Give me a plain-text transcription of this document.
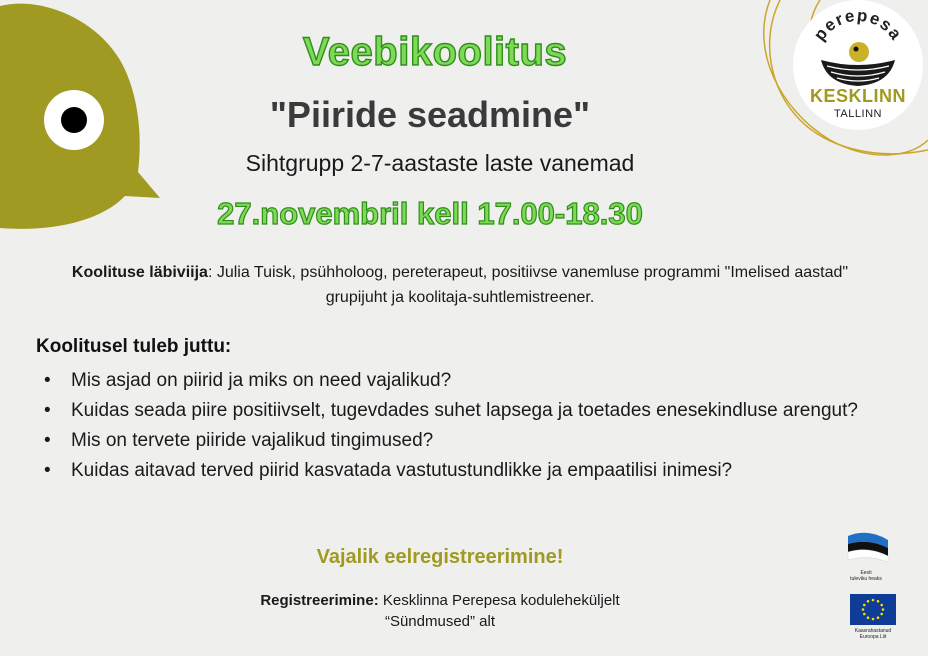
Veebikoolitus
"Piiride seadmine"
Sihtgrupp 2-7-aastaste laste vanemad
27.novembril kell 17.00-18.30
Koolituse läbiviija: Julia Tuisk, psühholoog, pereterapeut, positiivse vanemluse programmi "Imelised aastad" grupijuht ja koolitaja-suhtlemistreener.
Koolitusel tuleb juttu:
• Mis asjad on piirid ja miks on need vajalikud?
• Kuidas seada piire positiivselt, tugevdades suhet lapsega ja toetades enesekindluse arengut?
• Mis on tervete piiride vajalikud tingimused?
• Kuidas aitavad terved piirid kasvatada vastutustundlikke ja empaatilisi inimesi?
Vajalik eelregistreerimine!
Registreerimine: Kesklinna Perepesa koduleheküljelt
“Sündmused” alt
perepesa
KESKLINN
TALLINN
Eesti
tuleviku heaks
Kaasrahastanud
Euroopa Liit
